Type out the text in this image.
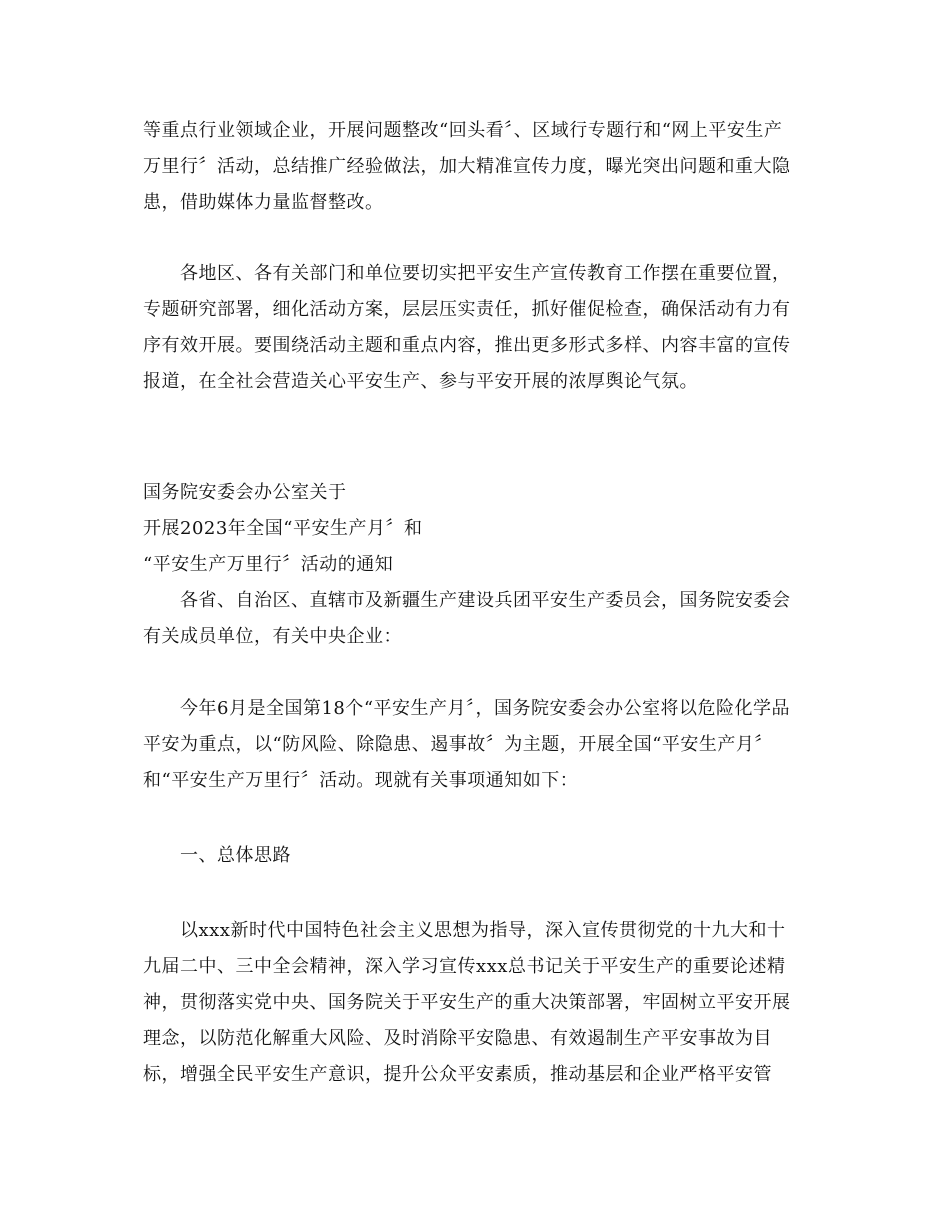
等重点行业领域企业，开展问题整改“回头看〞、区域行专题行和“网上平安生产

万里行〞活动，总结推广经验做法，加大精准宣传力度，曝光突出问题和重大隐

患，借助媒体力量监督整改。

各地区、各有关部门和单位要切实把平安生产宣传教育工作摆在重要位置，

专题研究部署，细化活动方案，层层压实责任，抓好催促检查，确保活动有力有

序有效开展。要围绕活动主题和重点内容，推出更多形式多样、内容丰富的宣传

报道，在全社会营造关心平安生产、参与平安开展的浓厚舆论气氛。

国务院安委会办公室关于

开展2023年全国“平安生产月〞和

“平安生产万里行〞活动的通知

各省、自治区、直辖市及新疆生产建设兵团平安生产委员会，国务院安委会

有关成员单位，有关中央企业：

今年6月是全国第18个“平安生产月〞，国务院安委会办公室将以危险化学品

平安为重点，以“防风险、除隐患、遏事故〞为主题，开展全国“平安生产月〞

和“平安生产万里行〞活动。现就有关事项通知如下：

一、总体思路

以xxx新时代中国特色社会主义思想为指导，深入宣传贯彻党的十九大和十

九届二中、三中全会精神，深入学习宣传xxx总书记关于平安生产的重要论述精

神，贯彻落实党中央、国务院关于平安生产的重大决策部署，牢固树立平安开展

理念，以防范化解重大风险、及时消除平安隐患、有效遏制生产平安事故为目

标，增强全民平安生产意识，提升公众平安素质，推动基层和企业严格平安管
